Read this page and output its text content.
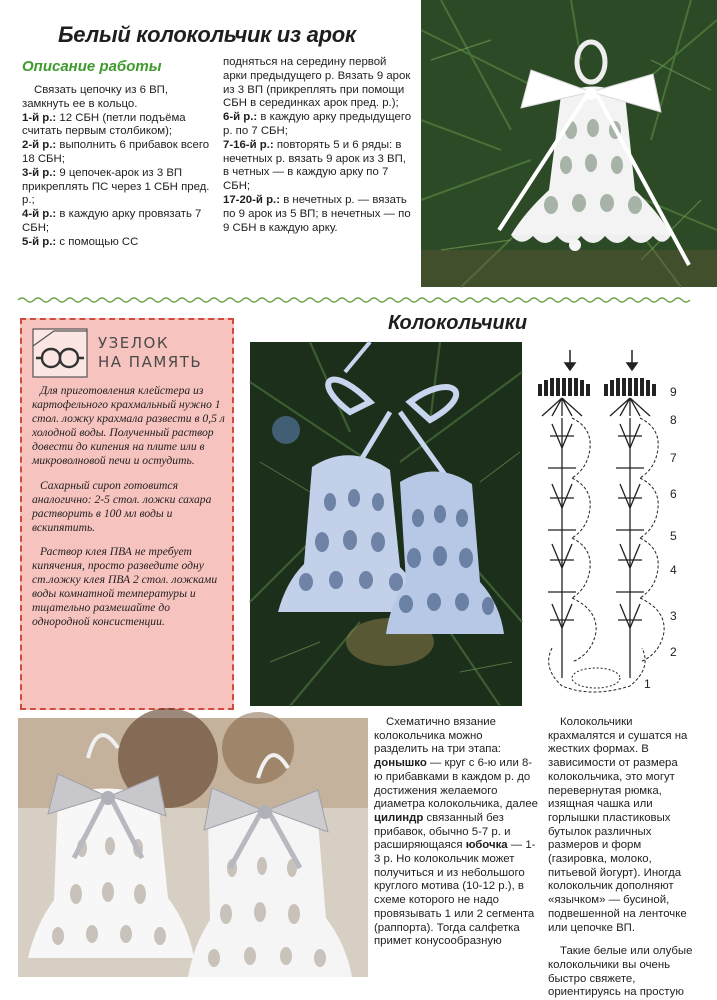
Белый колокольчик из арок
Описание работы

Связать цепочку из 6 ВП, замкнуть ее в кольцо.

1-й р.: 12 СБН (петли подъёма считать первым столбиком);

2-й р.: выполнить 6 прибавок всего 18 СБН;

3-й р.: 9 цепочек-арок из 3 ВП прикреплять ПС через 1 СБН пред. р.;

4-й р.: в каждую арку провязать 7 СБН;

5-й р.: с помощью СС

подняться на середину первой арки предыдущего р. Вязать 9 арок из 3 ВП (прикреплять при помощи СБН в серединках арок пред. р.);

6-й р.: в каждую арку предыдущего р. по 7 СБН;

7-16-й р.: повторять 5 и 6 ряды: в нечетных р. вязать 9 арок из 3 ВП, в четных — в каждую арку по 7 СБН;

17-20-й р.: в нечетных р. — вязать по 9 арок из 5 ВП; в нечетных — по 9 СБН в каждую арку.

УЗЕЛОК
НА ПАМЯТЬ

Для приготовления клейстера из картофельного крахмальный нужно 1 стол. ложку крахмала развести в 0,5 л холодной воды. Полученный раствор довести до кипения на плите или в микроволновой печи и остудить.

Сахарный сироп готовится аналогично: 2-5 стол. ложки сахара растворить в 100 мл воды и вскипятить.

Раствор клея ПВА не требует кипячения, просто разведите одну ст.ложку клея ПВА 2 стол. ложками воды комнатной температуры и тщательно размешайте до однородной консистенции.

Колокольчики
9
8
7
6
5
4
3
2
1

Схематично вязание колокольчика можно разделить на три этапа: донышко — круг с 6-ю или 8-ю прибавками в каждом р. до достижения желаемого диаметра колокольчика, далее цилиндр связанный без прибавок, обычно 5-7 р. и расширяющаяся юбочка — 1-3 р. Но колокольчик может получиться и из небольшого круглого мотива (10-12 р.), в схеме которого не надо провязывать 1 или 2 сегмента (раппорта). Тогда салфетка примет конусообразную

Колокольчики крахмалятся и сушатся на жестких формах. В зависимости от размера колокольчика, это могут перевернутая рюмка, изящная чашка или горлышки пластиковых бутылок различных размеров и форм (газировка, молоко, питьевой йогурт). Иногда колокольчик дополняют «язычком» — бусиной, подвешенной на ленточке или цепочке ВП.

Такие белые или олубые колокольчики вы очень быстро свяжете, ориентируясь на простую
